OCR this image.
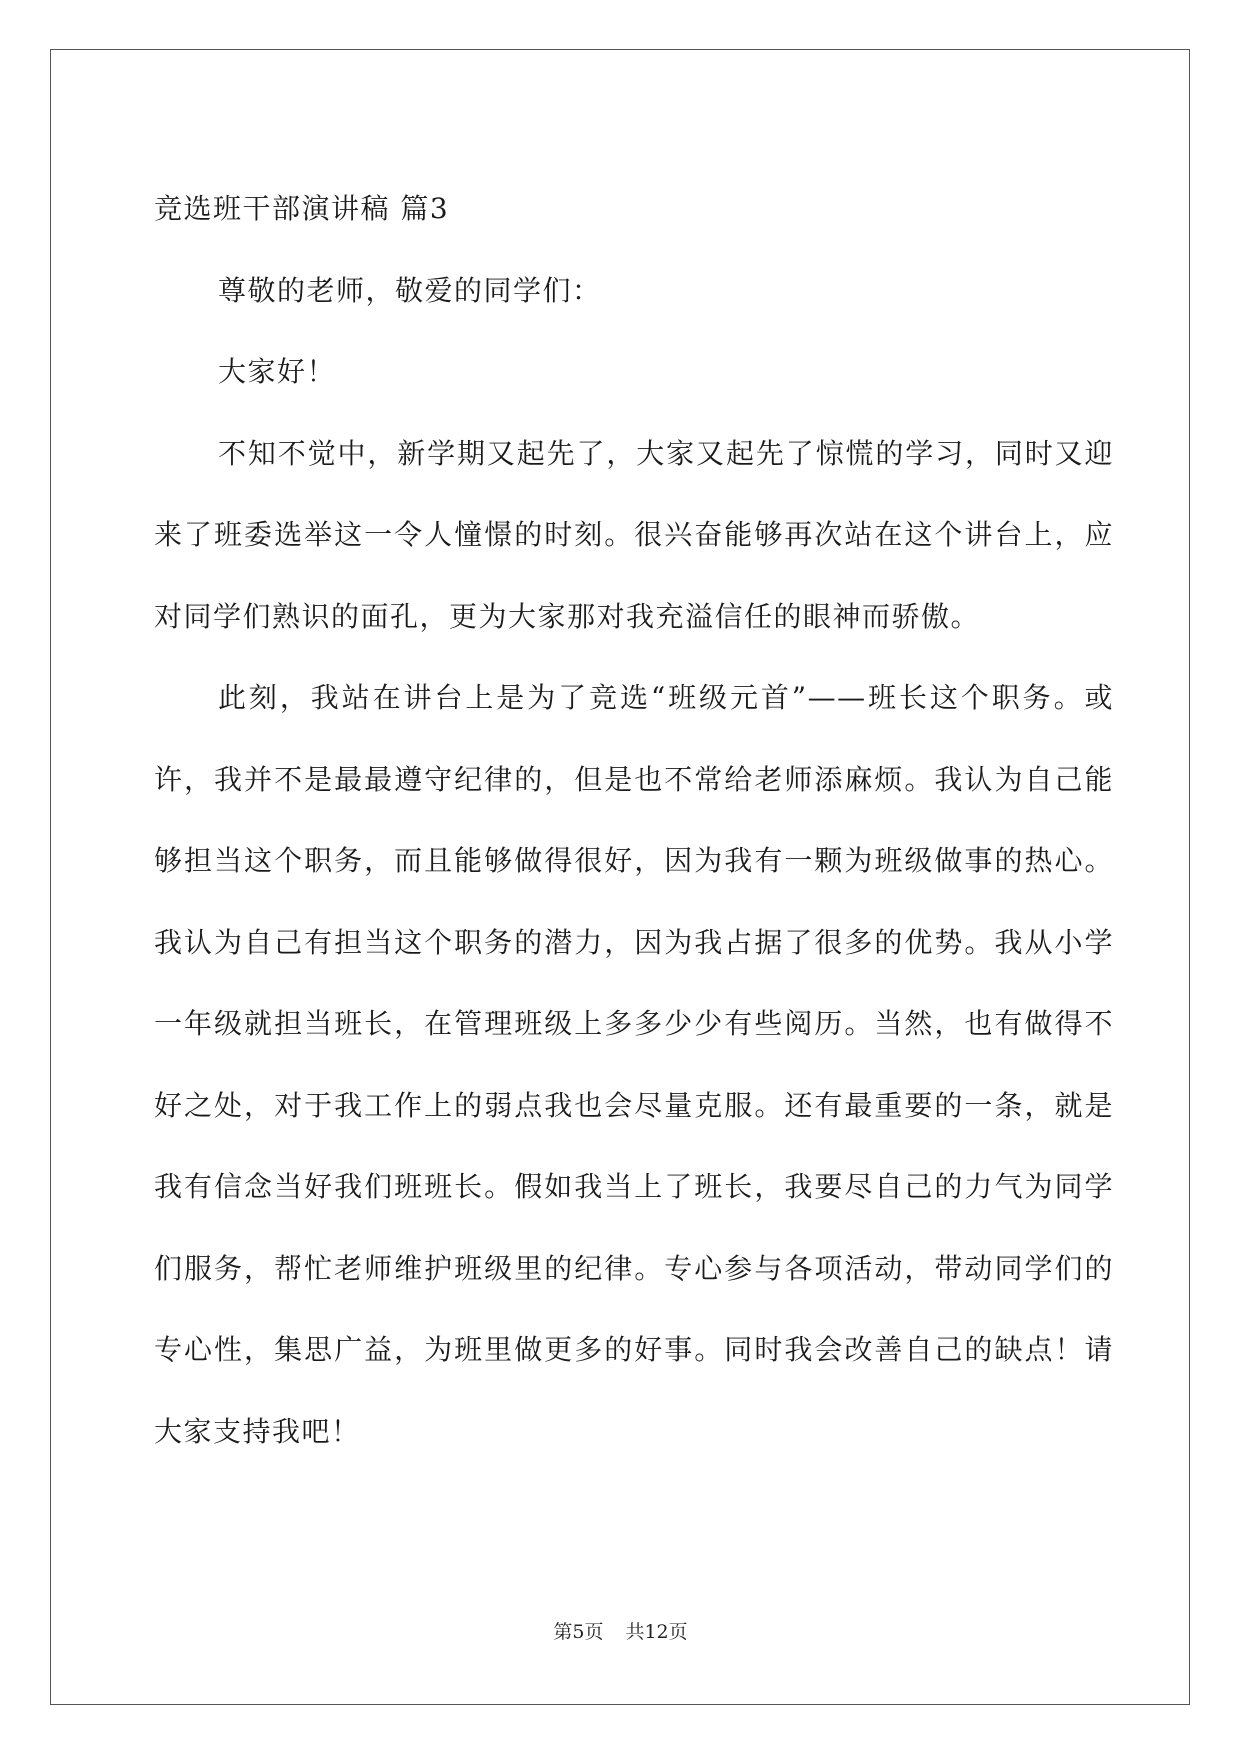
竞选班干部演讲稿 篇3

尊敬的老师，敬爱的同学们：

大家好！

不知不觉中，新学期又起先了，大家又起先了惊慌的学习，同时又迎来了班委选举这一令人憧憬的时刻。很兴奋能够再次站在这个讲台上，应对同学们熟识的面孔，更为大家那对我充溢信任的眼神而骄傲。

此刻，我站在讲台上是为了竞选“班级元首”——班长这个职务。或许，我并不是最最遵守纪律的，但是也不常给老师添麻烦。我认为自己能够担当这个职务，而且能够做得很好，因为我有一颗为班级做事的热心。我认为自己有担当这个职务的潜力，因为我占据了很多的优势。我从小学一年级就担当班长，在管理班级上多多少少有些阅历。当然，也有做得不好之处，对于我工作上的弱点我也会尽量克服。还有最重要的一条，就是我有信念当好我们班班长。假如我当上了班长，我要尽自己的力气为同学们服务，帮忙老师维护班级里的纪律。专心参与各项活动，带动同学们的专心性，集思广益，为班里做更多的好事。同时我会改善自己的缺点！请大家支持我吧！

第5页 共12页
